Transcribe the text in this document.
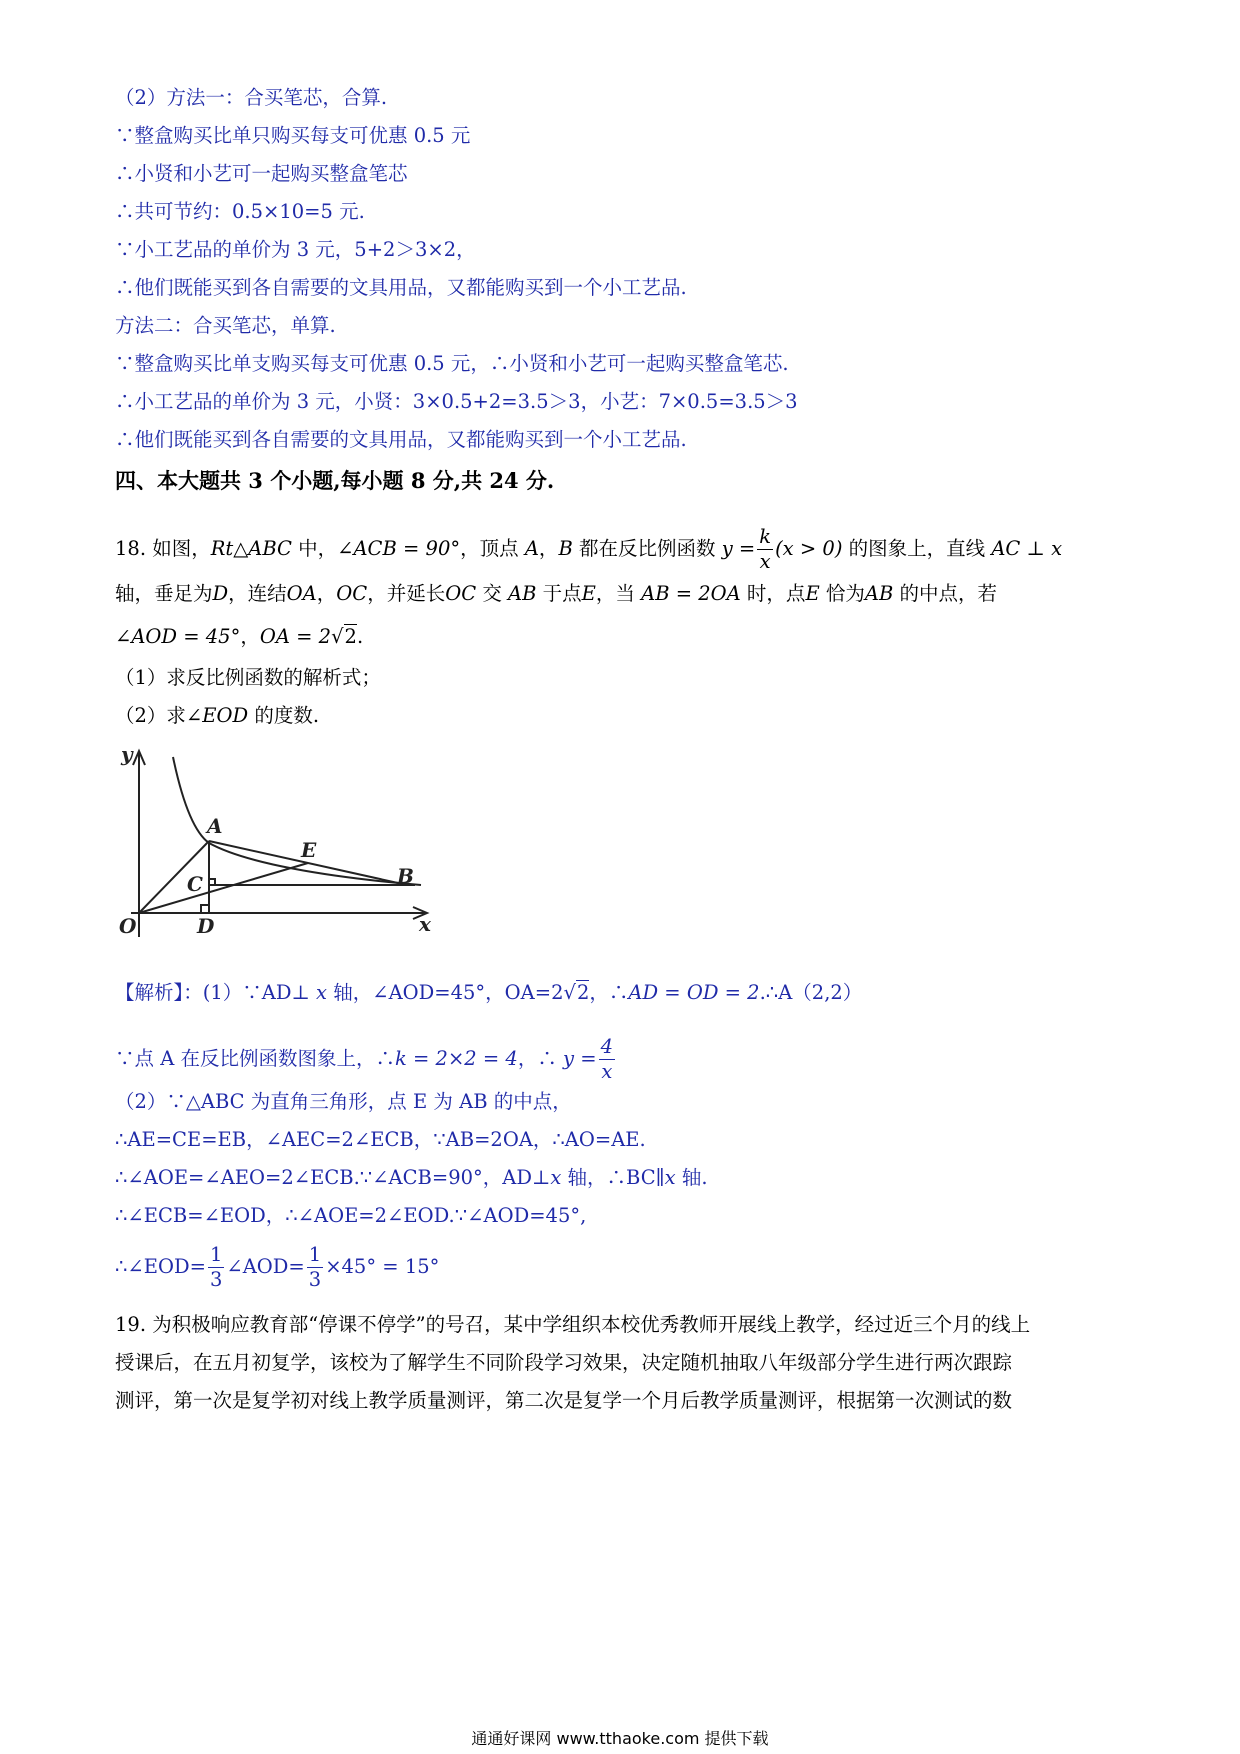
（2）方法一：合买笔芯，合算.
∵整盒购买比单只购买每支可优惠 0.5 元
∴小贤和小艺可一起购买整盒笔芯
∴共可节约：0.5×10=5 元.
∵小工艺品的单价为 3 元，5+2＞3×2，
∴他们既能买到各自需要的文具用品，又都能购买到一个小工艺品.
方法二：合买笔芯，单算.
∵整盒购买比单支购买每支可优惠 0.5 元，∴小贤和小艺可一起购买整盒笔芯.
∴小工艺品的单价为 3 元，小贤：3×0.5+2=3.5＞3，小艺：7×0.5=3.5＞3
∴他们既能买到各自需要的文具用品，又都能购买到一个小工艺品.
四、本大题共 3 个小题,每小题 8 分,共 24 分.
18. 如图，Rt△ABC 中，∠ACB = 90°，顶点 A，B 都在反比例函数 $y = \frac{k}{x} (x > 0)$ 的图象上，直线 AC ⊥ x
轴，垂足为D，连结OA，OC，并延长OC 交 AB 于点E，当 AB = 2OA 时，点E 恰为AB 的中点，若
∠AOD = 45°，OA = 2√2.
（1）求反比例函数的解析式；
（2）求∠EOD 的度数.
y
A
E
B
C
O	D	x
【解析】：(1）∵AD⊥ x 轴，∠AOD=45°，OA=2√2，∴AD = OD = 2.∴A（2,2）
∵点 A 在反比例函数图象上，∴k = 2×2 = 4，∴ $y = \frac{4}{x}$
（2）∵△ABC 为直角三角形，点 E 为 AB 的中点，
∴AE=CE=EB，∠AEC=2∠ECB，∵AB=2OA，∴AO=AE.
∴∠AOE=∠AEO=2∠ECB.∵∠ACB=90°，AD⊥x 轴，∴BC∥x 轴.
∴∠ECB=∠EOD，∴∠AOE=2∠EOD.∵∠AOD=45°,
∴∠EOD= $\frac{1}{3}$ ∠AOD= $\frac{1}{3} \times 45^\circ = 15^\circ$
19. 为积极响应教育部“停课不停学”的号召，某中学组织本校优秀教师开展线上教学，经过近三个月的线上
授课后，在五月初复学，该校为了解学生不同阶段学习效果，决定随机抽取八年级部分学生进行两次跟踪
测评，第一次是复学初对线上教学质量测评，第二次是复学一个月后教学质量测评，根据第一次测试的数
通通好课网 www.tthaoke.com 提供下载
